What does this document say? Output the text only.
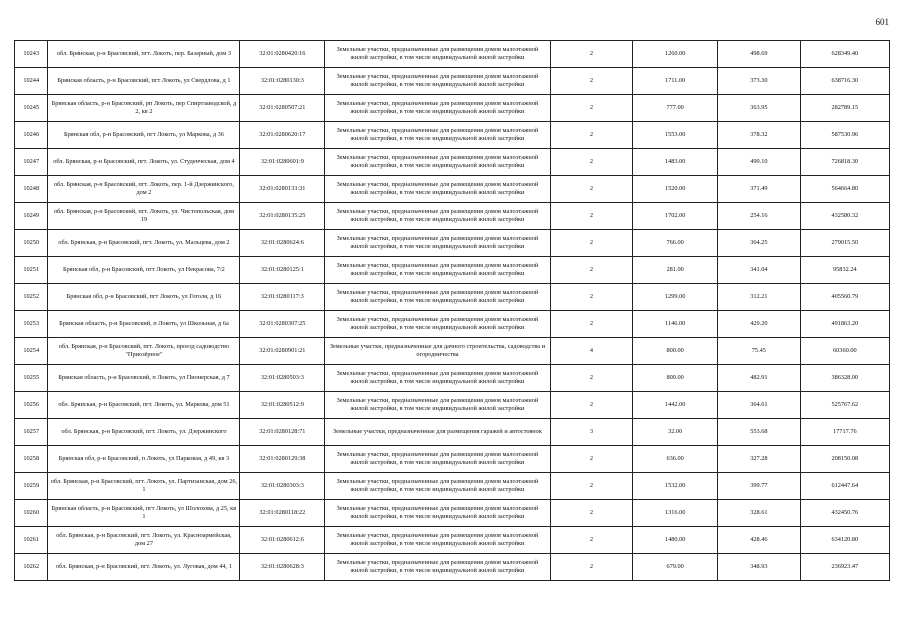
601
10243	обл. Брянская, р-н Брасовский, пгт. Локоть, пер. Базарный, дом 3	32:01:0280420:16	Земельные участки, предназначенные для размещения домов малоэтажной жилой застройки, в том числе индивидуальной жилой застройки	2	1260.00	498.69	628349.40
10244	Брянская область, р-н Брасовский, пгт Локоть, ул Свердлова, д 1	32:01:0280130:3	Земельные участки, предназначенные для размещения домов малоэтажной жилой застройки, в том числе индивидуальной жилой застройки	2	1711.00	373.30	638716.30
10245	Брянская область, р-н Брасовский, рп Локоть, пер Спиртзаводской, д 2, кв 2	32:01:0280507:21	Земельные участки, предназначенные для размещения домов малоэтажной жилой застройки, в том числе индивидуальной жилой застройки	2	777.00	363.95	282789.15
10246	Брянская обл, р-н Брасовский, пгт Локоть, ул Маркова, д 36	32:01:0280620:17	Земельные участки, предназначенные для размещения домов малоэтажной жилой застройки, в том числе индивидуальной жилой застройки	2	1553.00	378.32	587530.96
10247	обл. Брянская, р-н Брасовский, пгт. Локоть, ул. Студенческая, дом 4	32:01:0280601:9	Земельные участки, предназначенные для размещения домов малоэтажной жилой застройки, в том числе индивидуальной жилой застройки	2	1483.00	490.10	726818.30
10248	обл. Брянская, р-н Брасовский, пгт. Локоть, пер. 1-й Дзержинского, дом 2	32:01:0280133:31	Земельные участки, предназначенные для размещения домов малоэтажной жилой застройки, в том числе индивидуальной жилой застройки	2	1520.00	371.49	564664.80
10249	обл. Брянская, р-н Брасовский, пгт. Локоть, ул. Чистопольская, дом 19	32:01:0280135:25	Земельные участки, предназначенные для размещения домов малоэтажной жилой застройки, в том числе индивидуальной жилой застройки	2	1702.00	254.16	432580.32
10250	обл. Брянская, р-н Брасовский, пгт. Локоть, ул. Мальцева, дом 2	32:01:0280624:6	Земельные участки, предназначенные для размещения домов малоэтажной жилой застройки, в том числе индивидуальной жилой застройки	2	766.00	364.25	279015.50
10251	Брянская обл, р-н Брасовский, пгт Локоть, ул Некрасова, 7/2	32:01:0280125:1	Земельные участки, предназначенные для размещения домов малоэтажной жилой застройки, в том числе индивидуальной жилой застройки	2	281.00	341.04	95832.24
10252	Брянская обл, р-н Брасовский, пгт Локоть, ул Гоголя, д 16	32:01:0280117:3	Земельные участки, предназначенные для размещения домов малоэтажной жилой застройки, в том числе индивидуальной жилой застройки	2	1299.00	312.21	405560.79
10253	Брянская область, р-н Брасовский, п Локоть, ул Школьная, д 6а	32:01:0280307:25	Земельные участки, предназначенные для размещения домов малоэтажной жилой застройки, в том числе индивидуальной жилой застройки	2	1146.00	429.20	491863.20
10254	обл. Брянская, р-н Брасовский, пгт. Локоть, проезд садоводство "Приозёрное"	32:01:0280901:21	Земельные участки, предназначенные для дачного строительства, садоводства и огородничества	4	800.00	75.45	60360.00
10255	Брянская область, р-н Брасовский, п Локоть, ул Пионерская, д 7	32:01:0280503:3	Земельные участки, предназначенные для размещения домов малоэтажной жилой застройки, в том числе индивидуальной жилой застройки	2	800.00	482.91	386328.00
10256	обл. Брянская, р-н Брасовский, пгт. Локоть, ул. Маркова, дом 51	32:01:0280512:9	Земельные участки, предназначенные для размещения домов малоэтажной жилой застройки, в том числе индивидуальной жилой застройки	2	1442.00	364.61	525767.62
10257	обл. Брянская, р-н Брасовский, пгт. Локоть, ул. Дзержинского	32:01:0280128:71	Земельные участки, предназначенные для размещения гаражей и автостоянок	3	32.00	553.68	17717.76
10258	Брянская обл, р-н Брасовский, п Локоть, ул Парковая, д 49, кв 3	32:01:0280129:38	Земельные участки, предназначенные для размещения домов малоэтажной жилой застройки, в том числе индивидуальной жилой застройки	2	636.00	327.28	208150.08
10259	обл. Брянская, р-н Брасовский, пгт. Локоть, ул. Партизанская, дом 26, 1	32:01:0280303:3	Земельные участки, предназначенные для размещения домов малоэтажной жилой застройки, в том числе индивидуальной жилой застройки	2	1532.00	399.77	612447.64
10260	Брянская область, р-н Брасовский, пгт Локоть, ул Шолохова, д 25, кв 1	32:01:0280118:22	Земельные участки, предназначенные для размещения домов малоэтажной жилой застройки, в том числе индивидуальной жилой застройки	2	1316.00	328.61	432450.76
10261	обл. Брянская, р-н Брасовский, пгт. Локоть, ул. Красноармейская, дом 27	32:01:0280612:6	Земельные участки, предназначенные для размещения домов малоэтажной жилой застройки, в том числе индивидуальной жилой застройки	2	1480.00	428.46	634120.80
10262	обл. Брянская, р-н Брасовский, пгт. Локоть, ул. Луговая, дом 44, 1	32:01:0280628:3	Земельные участки, предназначенные для размещения домов малоэтажной жилой застройки, в том числе индивидуальной жилой застройки	2	679.00	348.93	236923.47
